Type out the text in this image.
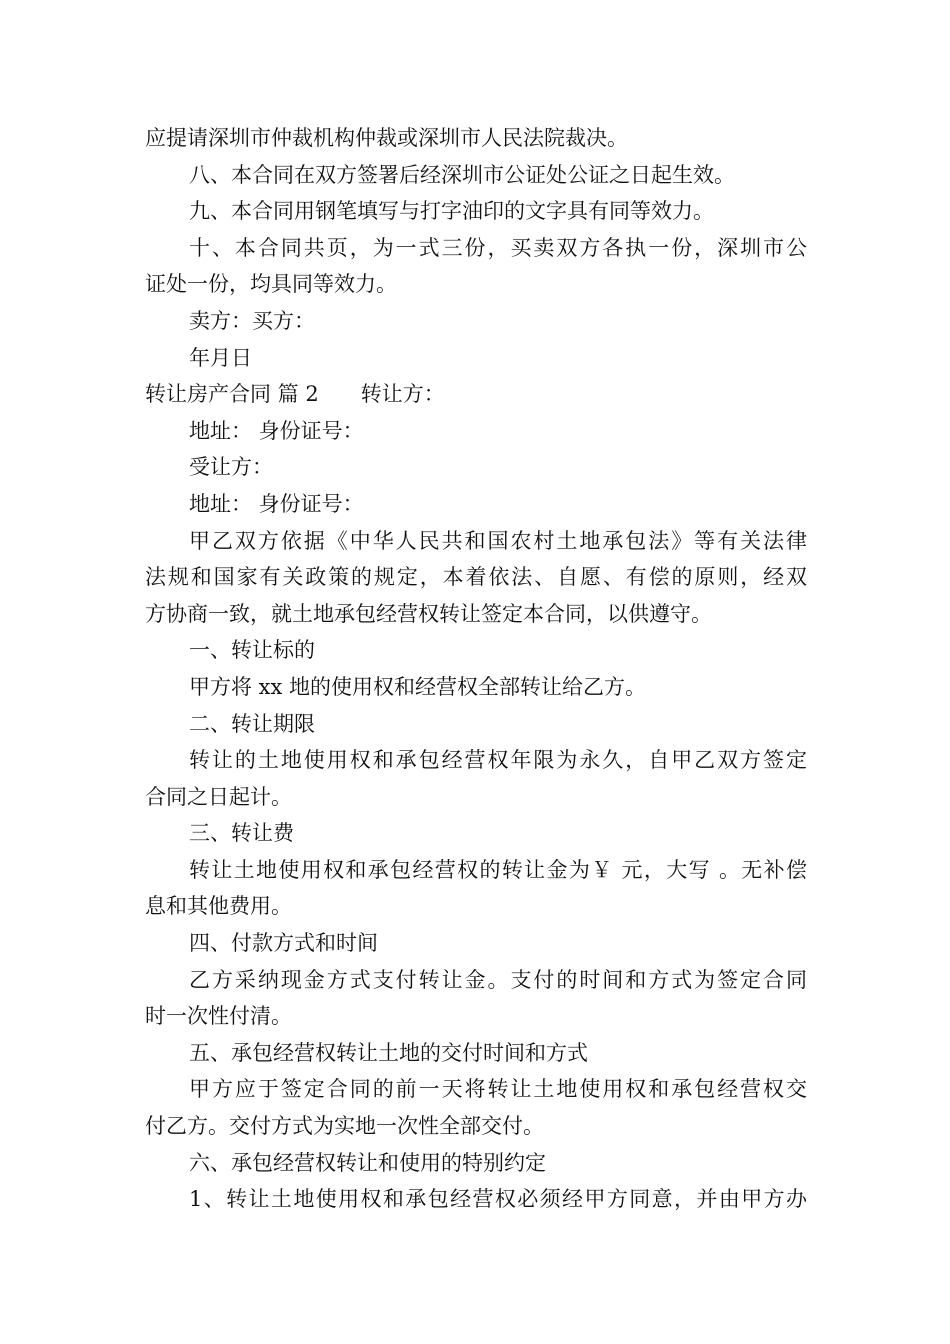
应提请深圳市仲裁机构仲裁或深圳市人民法院裁决。
八、本合同在双方签署后经深圳市公证处公证之日起生效。
九、本合同用钢笔填写与打字油印的文字具有同等效力。
十、本合同共页，为一式三份，买卖双方各执一份，深圳市公
证处一份，均具同等效力。
卖方：买方：
年月日
转让房产合同 篇 2　　转让方：
地址： 身份证号：
受让方：
地址： 身份证号：
甲乙双方依据《中华人民共和国农村土地承包法》等有关法律
法规和国家有关政策的规定，本着依法、自愿、有偿的原则，经双
方协商一致，就土地承包经营权转让签定本合同，以供遵守。
一、转让标的
甲方将 xx 地的使用权和经营权全部转让给乙方。
二、转让期限
转让的土地使用权和承包经营权年限为永久，自甲乙双方签定
合同之日起计。
三、转让费
转让土地使用权和承包经营权的转让金为￥ 元，大写 。无补偿
息和其他费用。
四、付款方式和时间
乙方采纳现金方式支付转让金。支付的时间和方式为签定合同
时一次性付清。
五、承包经营权转让土地的交付时间和方式
甲方应于签定合同的前一天将转让土地使用权和承包经营权交
付乙方。交付方式为实地一次性全部交付。
六、承包经营权转让和使用的特别约定
1、转让土地使用权和承包经营权必须经甲方同意，并由甲方办
